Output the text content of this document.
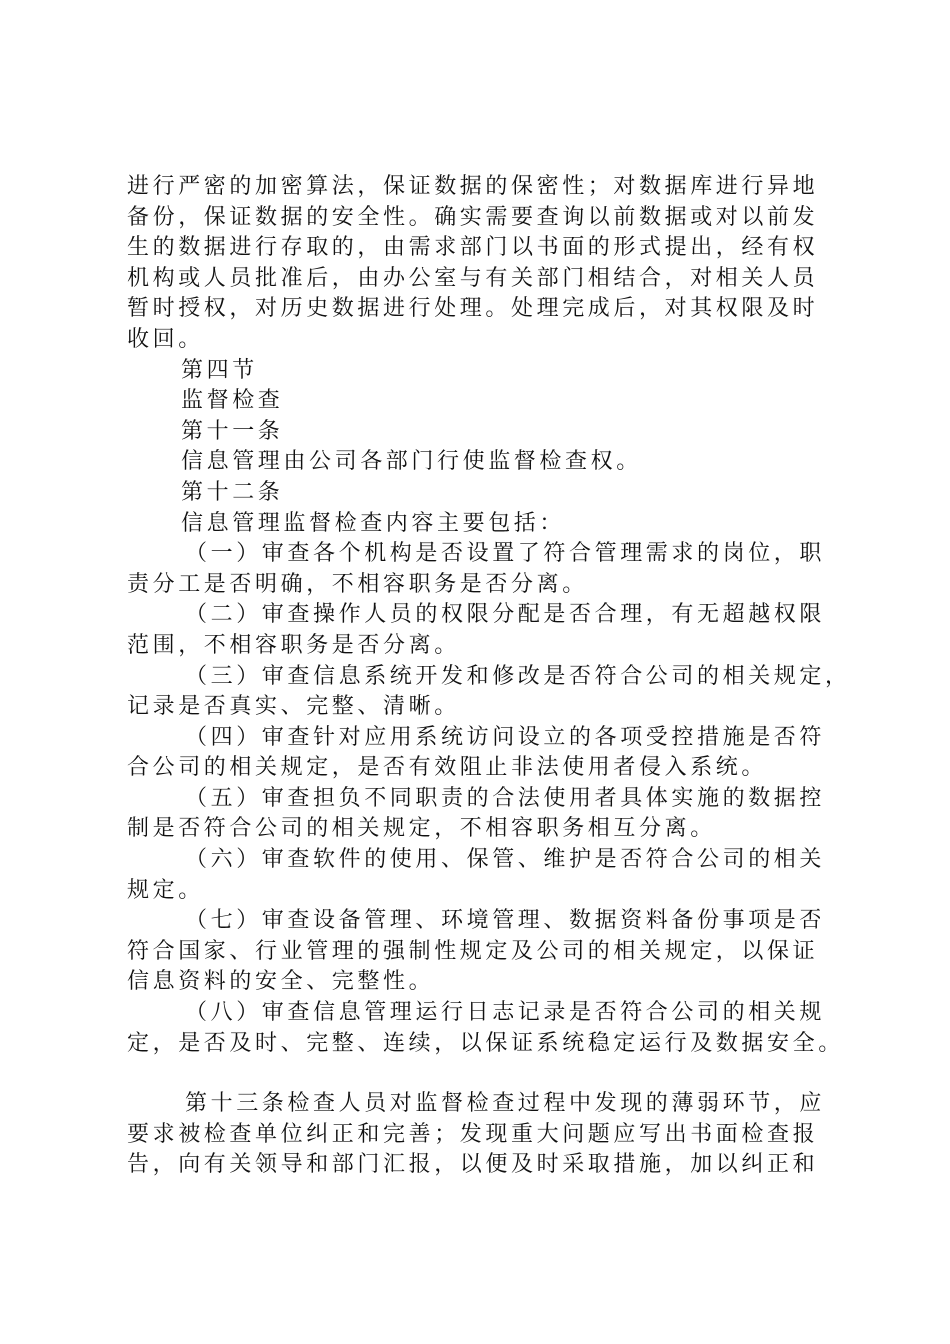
进行严密的加密算法，保证数据的保密性；对数据库进行异地
备份，保证数据的安全性。确实需要查询以前数据或对以前发
生的数据进行存取的，由需求部门以书面的形式提出，经有权
机构或人员批准后，由办公室与有关部门相结合，对相关人员
暂时授权，对历史数据进行处理。处理完成后，对其权限及时
收回。
第四节
监督检查
第十一条
信息管理由公司各部门行使监督检查权。
第十二条
信息管理监督检查内容主要包括：
（一）审查各个机构是否设置了符合管理需求的岗位，职
责分工是否明确，不相容职务是否分离。
（二）审查操作人员的权限分配是否合理，有无超越权限
范围，不相容职务是否分离。
（三）审查信息系统开发和修改是否符合公司的相关规定，
记录是否真实、完整、清晰。
（四）审查针对应用系统访问设立的各项受控措施是否符
合公司的相关规定，是否有效阻止非法使用者侵入系统。
（五）审查担负不同职责的合法使用者具体实施的数据控
制是否符合公司的相关规定，不相容职务相互分离。
（六）审查软件的使用、保管、维护是否符合公司的相关
规定。
（七）审查设备管理、环境管理、数据资料备份事项是否
符合国家、行业管理的强制性规定及公司的相关规定，以保证
信息资料的安全、完整性。
（八）审查信息管理运行日志记录是否符合公司的相关规
定，是否及时、完整、连续，以保证系统稳定运行及数据安全。
第十三条检查人员对监督检查过程中发现的薄弱环节，应
要求被检查单位纠正和完善；发现重大问题应写出书面检查报
告，向有关领导和部门汇报，以便及时采取措施，加以纠正和
